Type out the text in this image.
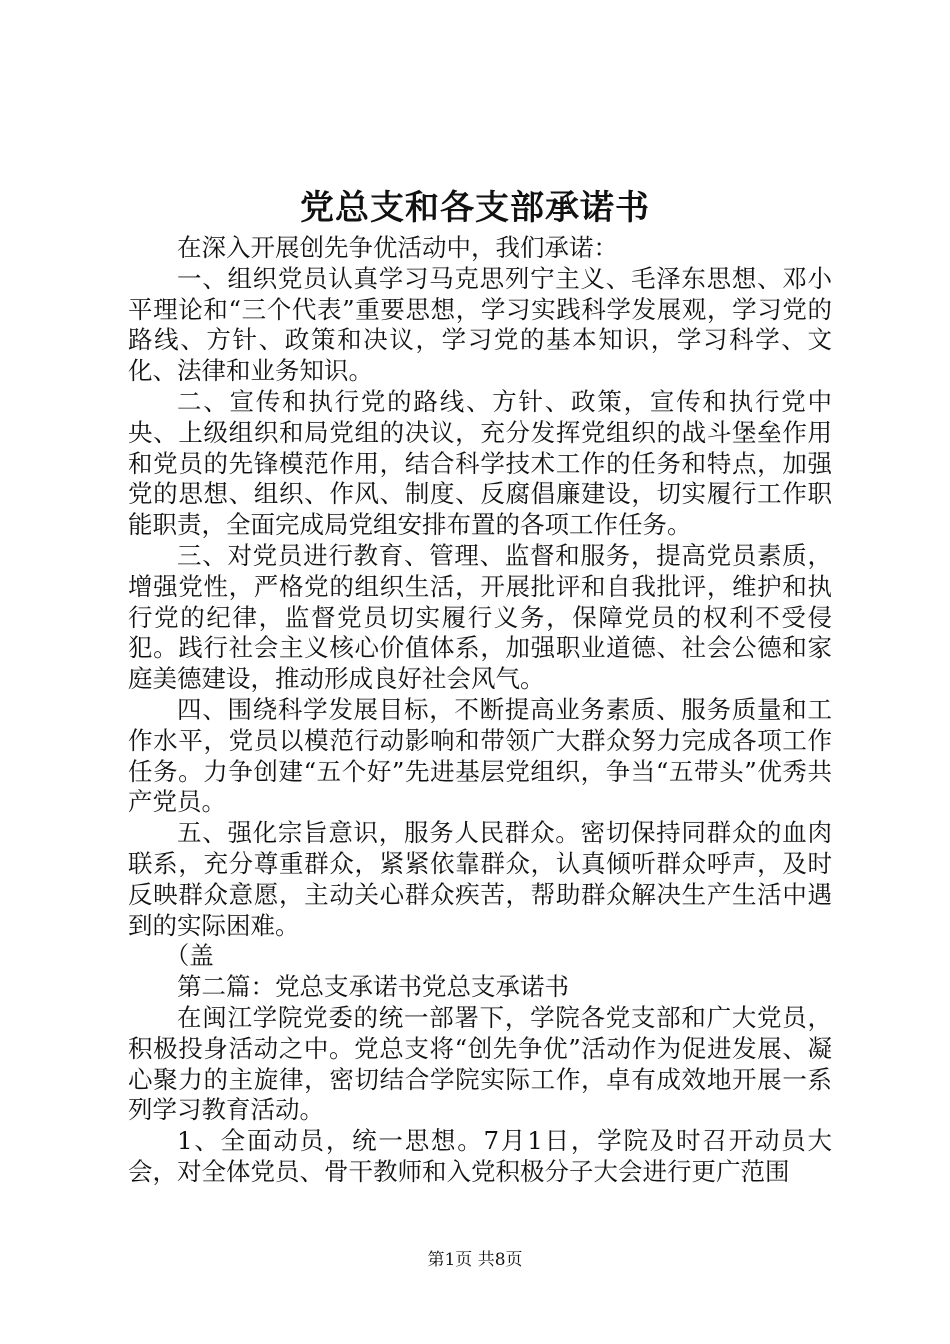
党总支和各支部承诺书

在深入开展创先争优活动中，我们承诺：

一、组织党员认真学习马克思列宁主义、毛泽东思想、邓小平理论和“三个代表”重要思想，学习实践科学发展观，学习党的路线、方针、政策和决议，学习党的基本知识，学习科学、文化、法律和业务知识。

二、宣传和执行党的路线、方针、政策，宣传和执行党中央、上级组织和局党组的决议，充分发挥党组织的战斗堡垒作用和党员的先锋模范作用，结合科学技术工作的任务和特点，加强党的思想、组织、作风、制度、反腐倡廉建设，切实履行工作职能职责，全面完成局党组安排布置的各项工作任务。

三、对党员进行教育、管理、监督和服务，提高党员素质，增强党性，严格党的组织生活，开展批评和自我批评，维护和执行党的纪律，监督党员切实履行义务，保障党员的权利不受侵犯。践行社会主义核心价值体系，加强职业道德、社会公德和家庭美德建设，推动形成良好社会风气。

四、围绕科学发展目标，不断提高业务素质、服务质量和工作水平，党员以模范行动影响和带领广大群众努力完成各项工作任务。力争创建“五个好”先进基层党组织，争当“五带头”优秀共产党员。

五、强化宗旨意识，服务人民群众。密切保持同群众的血肉联系，充分尊重群众，紧紧依靠群众，认真倾听群众呼声，及时反映群众意愿，主动关心群众疾苦，帮助群众解决生产生活中遇到的实际困难。

（盖

第二篇：党总支承诺书党总支承诺书

在闽江学院党委的统一部署下，学院各党支部和广大党员，积极投身活动之中。党总支将“创先争优”活动作为促进发展、凝心聚力的主旋律，密切结合学院实际工作，卓有成效地开展一系列学习教育活动。

1、全面动员，统一思想。7月1日，学院及时召开动员大会，对全体党员、骨干教师和入党积极分子大会进行更广范围

第1页 共8页
